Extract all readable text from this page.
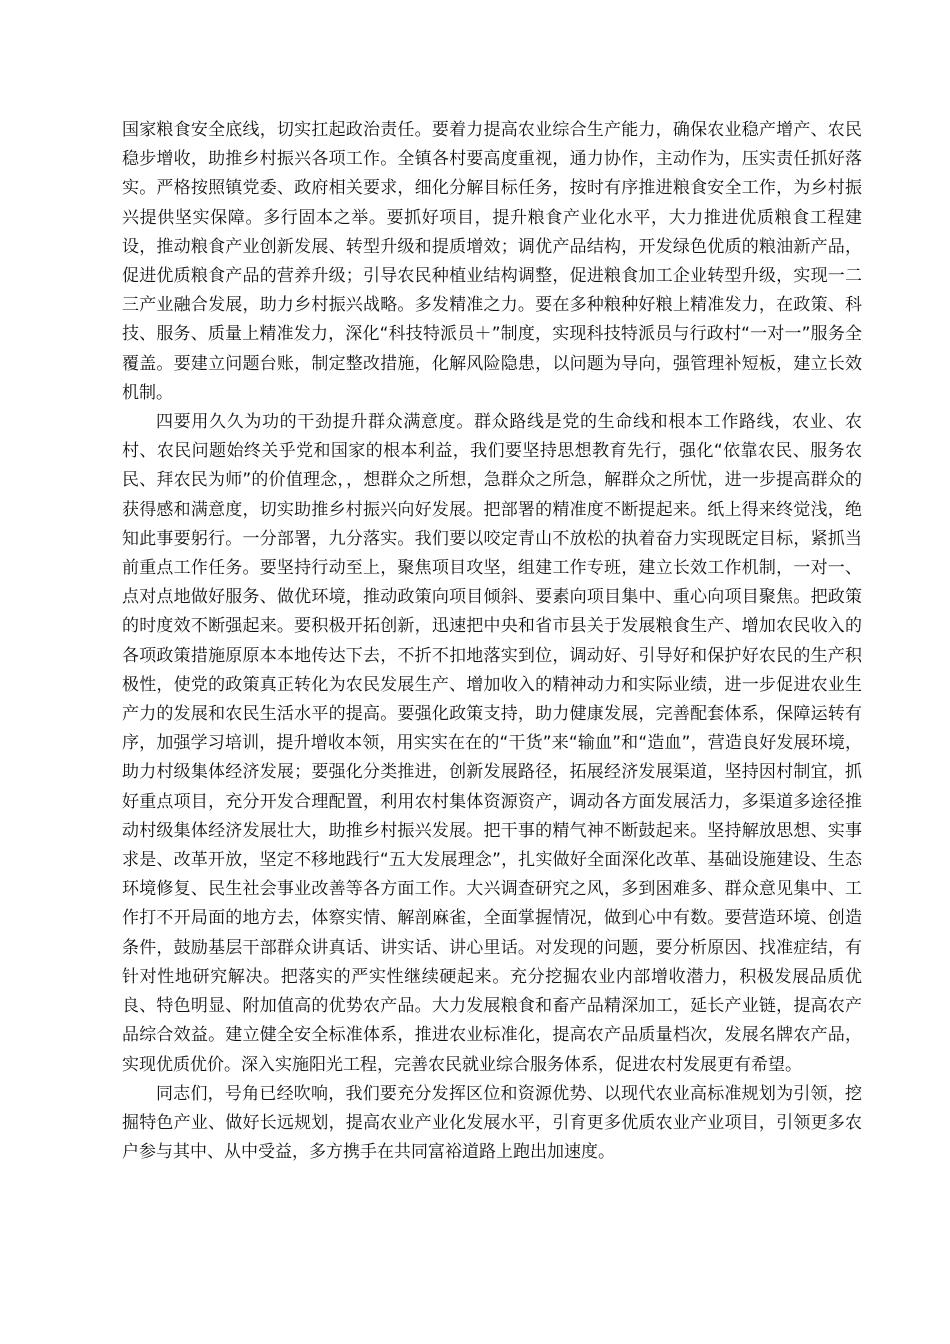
国家粮食安全底线，切实扛起政治责任。要着力提高农业综合生产能力，确保农业稳产增产、农民稳步增收，助推乡村振兴各项工作。全镇各村要高度重视，通力协作，主动作为，压实责任抓好落实。严格按照镇党委、政府相关要求，细化分解目标任务，按时有序推进粮食安全工作，为乡村振兴提供坚实保障。多行固本之举。要抓好项目，提升粮食产业化水平，大力推进优质粮食工程建设，推动粮食产业创新发展、转型升级和提质增效；调优产品结构，开发绿色优质的粮油新产品，促进优质粮食产品的营养升级；引导农民种植业结构调整，促进粮食加工企业转型升级，实现一二三产业融合发展，助力乡村振兴战略。多发精准之力。要在多种粮种好粮上精准发力，在政策、科技、服务、质量上精准发力，深化“科技特派员＋”制度，实现科技特派员与行政村“一对一”服务全覆盖。要建立问题台账，制定整改措施，化解风险隐患，以问题为导向，强管理补短板，建立长效机制。

四要用久久为功的干劲提升群众满意度。群众路线是党的生命线和根本工作路线，农业、农村、农民问题始终关乎党和国家的根本利益，我们要坚持思想教育先行，强化“依靠农民、服务农民、拜农民为师”的价值理念，，想群众之所想，急群众之所急，解群众之所忧，进一步提高群众的获得感和满意度，切实助推乡村振兴向好发展。把部署的精准度不断提起来。纸上得来终觉浅，绝知此事要躬行。一分部署，九分落实。我们要以咬定青山不放松的执着奋力实现既定目标，紧抓当前重点工作任务。要坚持行动至上，聚焦项目攻坚，组建工作专班，建立长效工作机制，一对一、点对点地做好服务、做优环境，推动政策向项目倾斜、要素向项目集中、重心向项目聚焦。把政策的时度效不断强起来。要积极开拓创新，迅速把中央和省市县关于发展粮食生产、增加农民收入的各项政策措施原原本本地传达下去，不折不扣地落实到位，调动好、引导好和保护好农民的生产积极性，使党的政策真正转化为农民发展生产、增加收入的精神动力和实际业绩，进一步促进农业生产力的发展和农民生活水平的提高。要强化政策支持，助力健康发展，完善配套体系，保障运转有序，加强学习培训，提升增收本领，用实实在在的“干货”来“输血”和“造血”，营造良好发展环境，助力村级集体经济发展；要强化分类推进，创新发展路径，拓展经济发展渠道，坚持因村制宜，抓好重点项目，充分开发合理配置，利用农村集体资源资产，调动各方面发展活力，多渠道多途径推动村级集体经济发展壮大，助推乡村振兴发展。把干事的精气神不断鼓起来。坚持解放思想、实事求是、改革开放，坚定不移地践行“五大发展理念”，扎实做好全面深化改革、基础设施建设、生态环境修复、民生社会事业改善等各方面工作。大兴调查研究之风，多到困难多、群众意见集中、工作打不开局面的地方去，体察实情、解剖麻雀，全面掌握情况，做到心中有数。要营造环境、创造条件，鼓励基层干部群众讲真话、讲实话、讲心里话。对发现的问题，要分析原因、找准症结，有针对性地研究解决。把落实的严实性继续硬起来。充分挖掘农业内部增收潜力，积极发展品质优良、特色明显、附加值高的优势农产品。大力发展粮食和畜产品精深加工，延长产业链，提高农产品综合效益。建立健全安全标准体系，推进农业标准化，提高农产品质量档次，发展名牌农产品，实现优质优价。深入实施阳光工程，完善农民就业综合服务体系，促进农村发展更有希望。

同志们，号角已经吹响，我们要充分发挥区位和资源优势、以现代农业高标准规划为引领，挖掘特色产业、做好长远规划，提高农业产业化发展水平，引育更多优质农业产业项目，引领更多农户参与其中、从中受益，多方携手在共同富裕道路上跑出加速度。
